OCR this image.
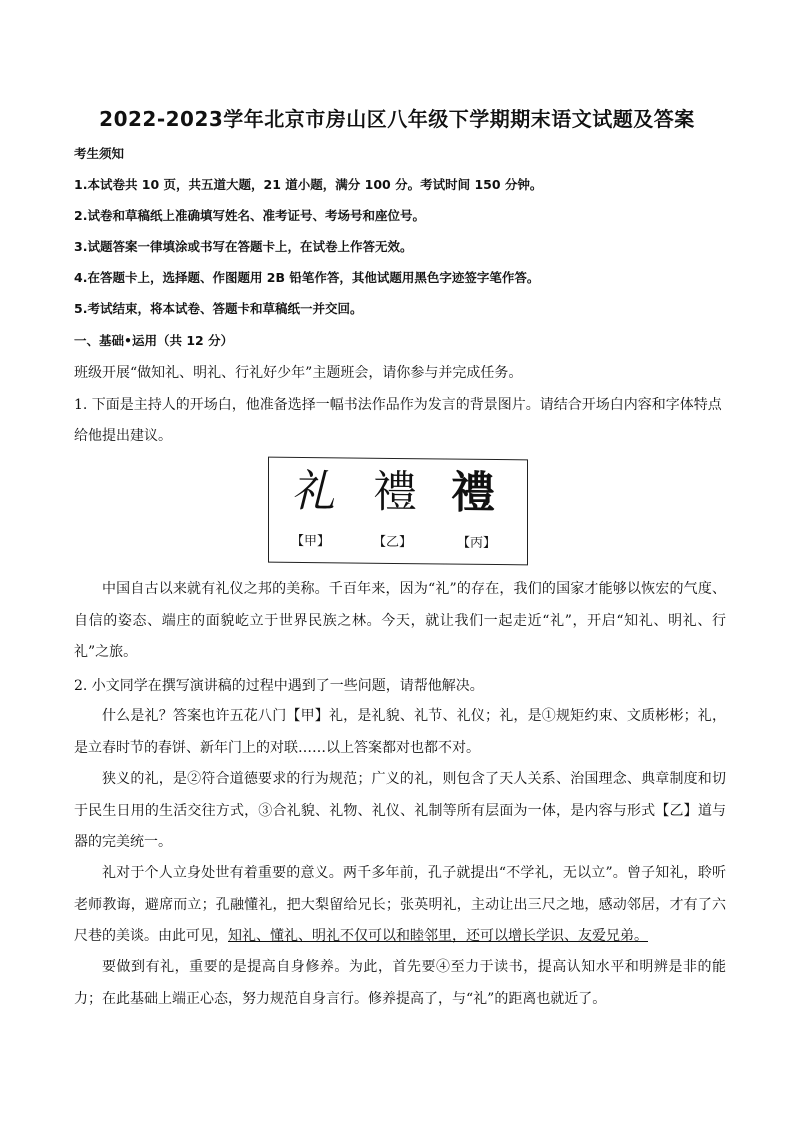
2022-2023学年北京市房山区八年级下学期期末语文试题及答案
考生须知
1.本试卷共 10 页，共五道大题，21 道小题，满分 100 分。考试时间 150 分钟。
2.试卷和草稿纸上准确填写姓名、准考证号、考场号和座位号。
3.试题答案一律填涂或书写在答题卡上，在试卷上作答无效。
4.在答题卡上，选择题、作图题用 2B 铅笔作答，其他试题用黑色字迹签字笔作答。
5.考试结束，将本试卷、答题卡和草稿纸一并交回。
一、基础•运用（共 12 分）
班级开展“做知礼、明礼、行礼好少年”主题班会，请你参与并完成任务。
1. 下面是主持人的开场白，他准备选择一幅书法作品作为发言的背景图片。请结合开场白内容和字体特点
给他提出建议。
礼 禮 禮
【甲】	【乙】	【丙】
中国自古以来就有礼仪之邦的美称。千百年来，因为“礼”的存在，我们的国家才能够以恢宏的气度、自信的姿态、端庄的面貌屹立于世界民族之林。今天，就让我们一起走近“礼”，开启“知礼、明礼、行礼”之旅。
2. 小文同学在撰写演讲稿的过程中遇到了一些问题，请帮他解决。
什么是礼？答案也许五花八门【甲】礼，是礼貌、礼节、礼仪；礼，是①规矩约束、文质彬彬；礼，是立春时节的春饼、新年门上的对联……以上答案都对也都不对。
狭义的礼，是②符合道德要求的行为规范；广义的礼，则包含了天人关系、治国理念、典章制度和切于民生日用的生活交往方式，③合礼貌、礼物、礼仪、礼制等所有层面为一体，是内容与形式【乙】道与器的完美统一。
礼对于个人立身处世有着重要的意义。两千多年前，孔子就提出“不学礼，无以立”。曾子知礼，聆听老师教诲，避席而立；孔融懂礼，把大梨留给兄长；张英明礼，主动让出三尺之地，感动邻居，才有了六尺巷的美谈。由此可见，知礼、懂礼、明礼不仅可以和睦邻里，还可以增长学识、友爱兄弟。
要做到有礼，重要的是提高自身修养。为此，首先要④至力于读书，提高认知水平和明辨是非的能力；在此基础上端正心态，努力规范自身言行。修养提高了，与“礼”的距离也就近了。
